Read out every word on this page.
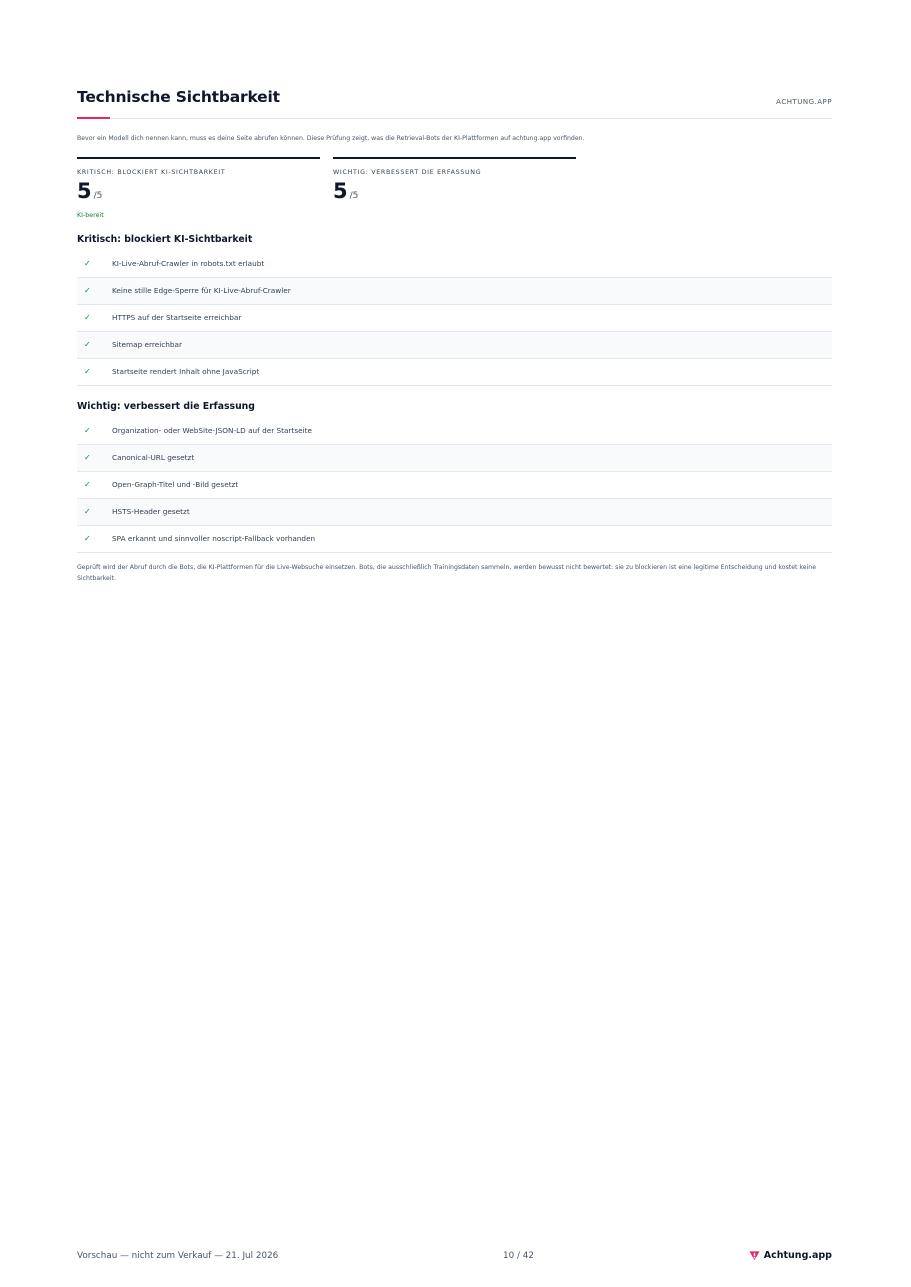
Technische Sichtbarkeit	ACHTUNG.APP

Bevor ein Modell dich nennen kann, muss es deine Seite abrufen können. Diese Prüfung zeigt, was die Retrieval-Bots der KI-Plattformen auf achtung.app vorfinden.

KRITISCH: BLOCKIERT KI-SICHTBARKEIT
5 /5
KI-bereit
WICHTIG: VERBESSERT DIE ERFASSUNG
5 /5
Kritisch: blockiert KI-Sichtbarkeit
✓	KI-Live-Abruf-Crawler in robots.txt erlaubt
✓	Keine stille Edge-Sperre für KI-Live-Abruf-Crawler
✓	HTTPS auf der Startseite erreichbar
✓	Sitemap erreichbar
✓	Startseite rendert Inhalt ohne JavaScript
Wichtig: verbessert die Erfassung
✓	Organization- oder WebSite-JSON-LD auf der Startseite
✓	Canonical-URL gesetzt
✓	Open-Graph-Titel und -Bild gesetzt
✓	HSTS-Header gesetzt
✓	SPA erkannt und sinnvoller noscript-Fallback vorhanden

Geprüft wird der Abruf durch die Bots, die KI-Plattformen für die Live-Websuche einsetzen. Bots, die ausschließlich Trainingsdaten sammeln, werden bewusst nicht bewertet: sie zu blockieren ist eine legitime Entscheidung und kostet keine Sichtbarkeit.

Vorschau — nicht zum Verkauf — 21. Jul 2026	10 / 42	Achtung.app
